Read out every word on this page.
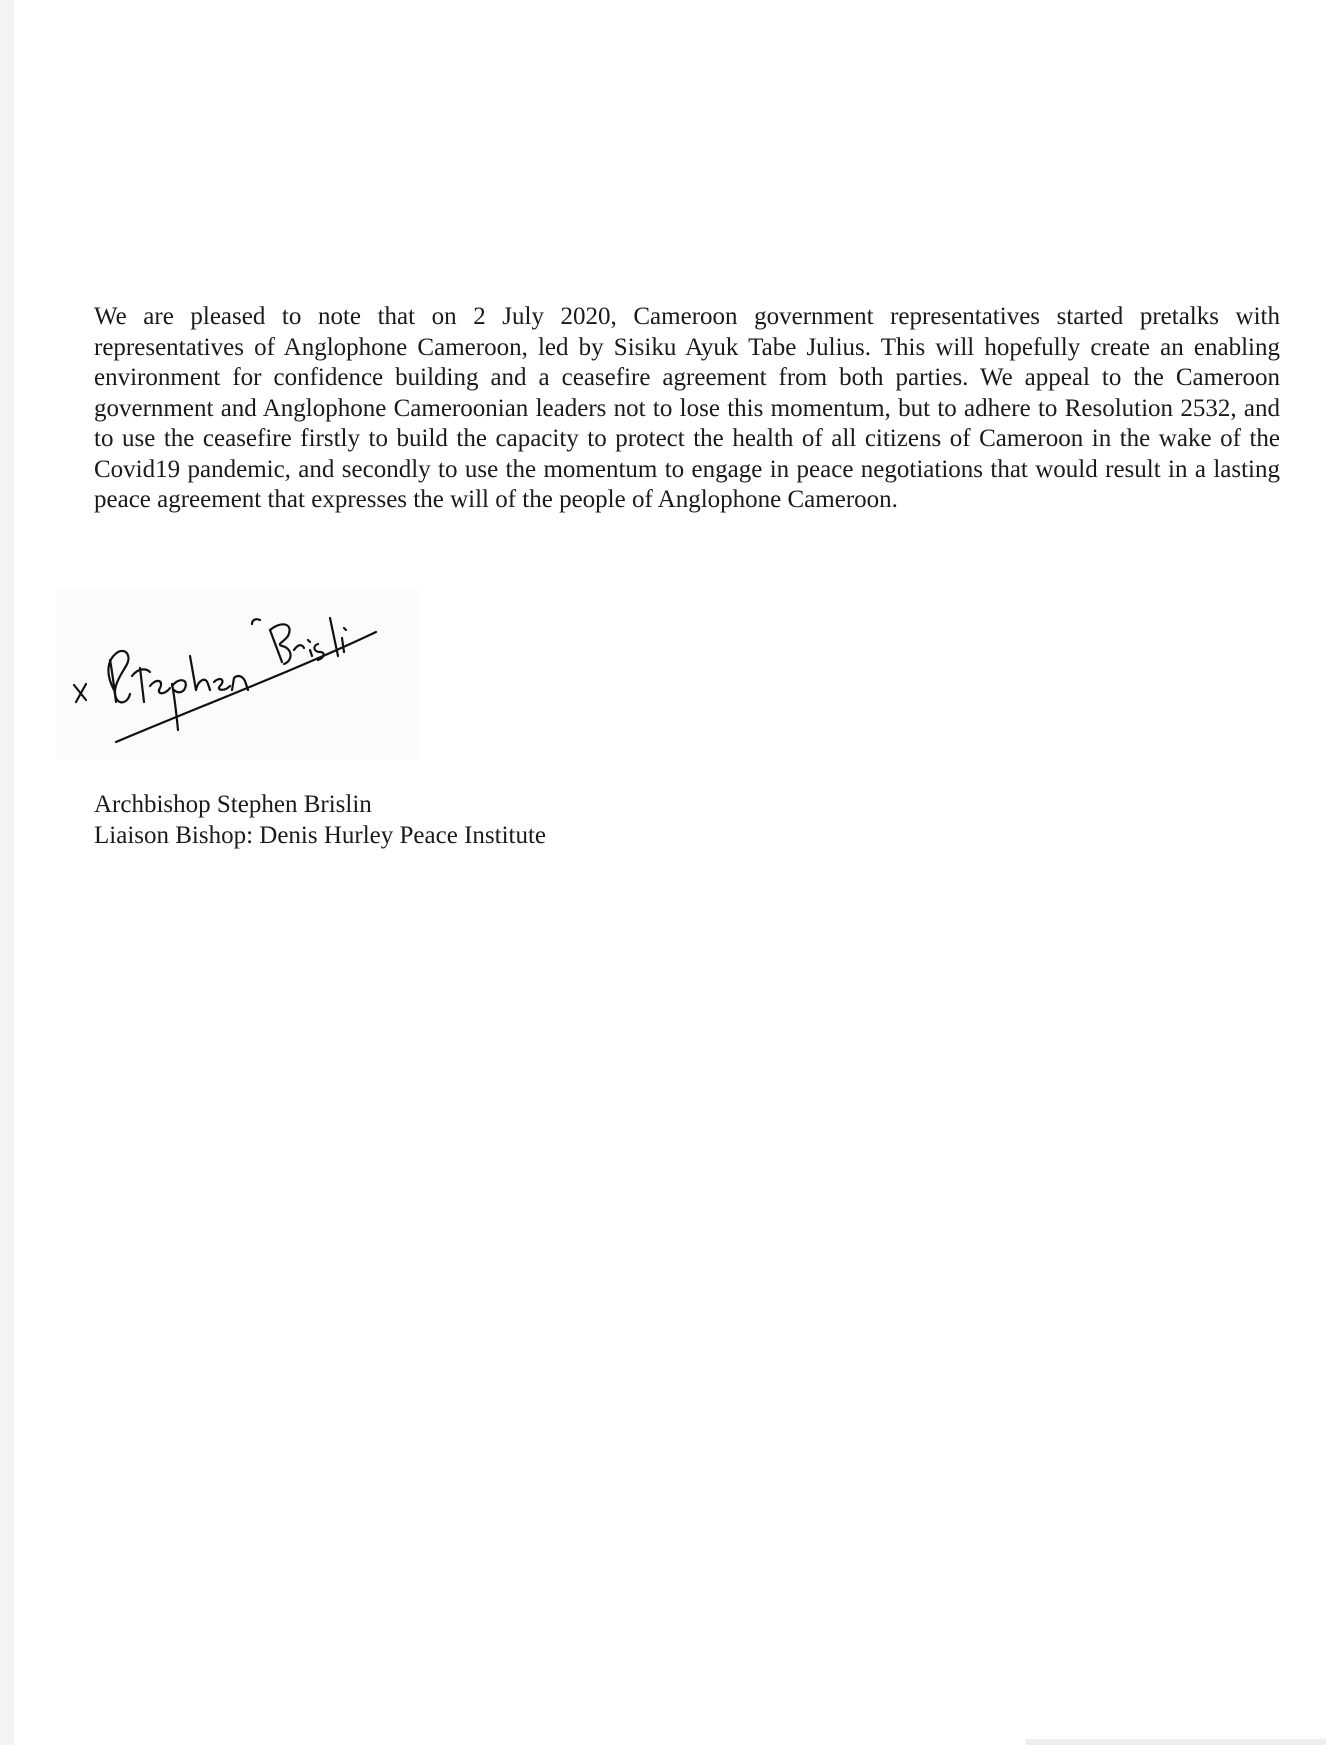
We are pleased to note that on 2 July 2020, Cameroon government representatives started pretalks with representatives of Anglophone Cameroon, led by Sisiku Ayuk Tabe Julius. This will hopefully create an enabling environment for confidence building and a ceasefire agreement from both parties. We appeal to the Cameroon government and Anglophone Cameroonian leaders not to lose this momentum, but to adhere to Resolution 2532, and to use the ceasefire firstly to build the capacity to protect the health of all citizens of Cameroon in the wake of the Covid19 pandemic, and secondly to use the momentum to engage in peace negotiations that would result in a lasting peace agreement that expresses the will of the people of Anglophone Cameroon.

Archbishop Stephen Brislin
Liaison Bishop: Denis Hurley Peace Institute
